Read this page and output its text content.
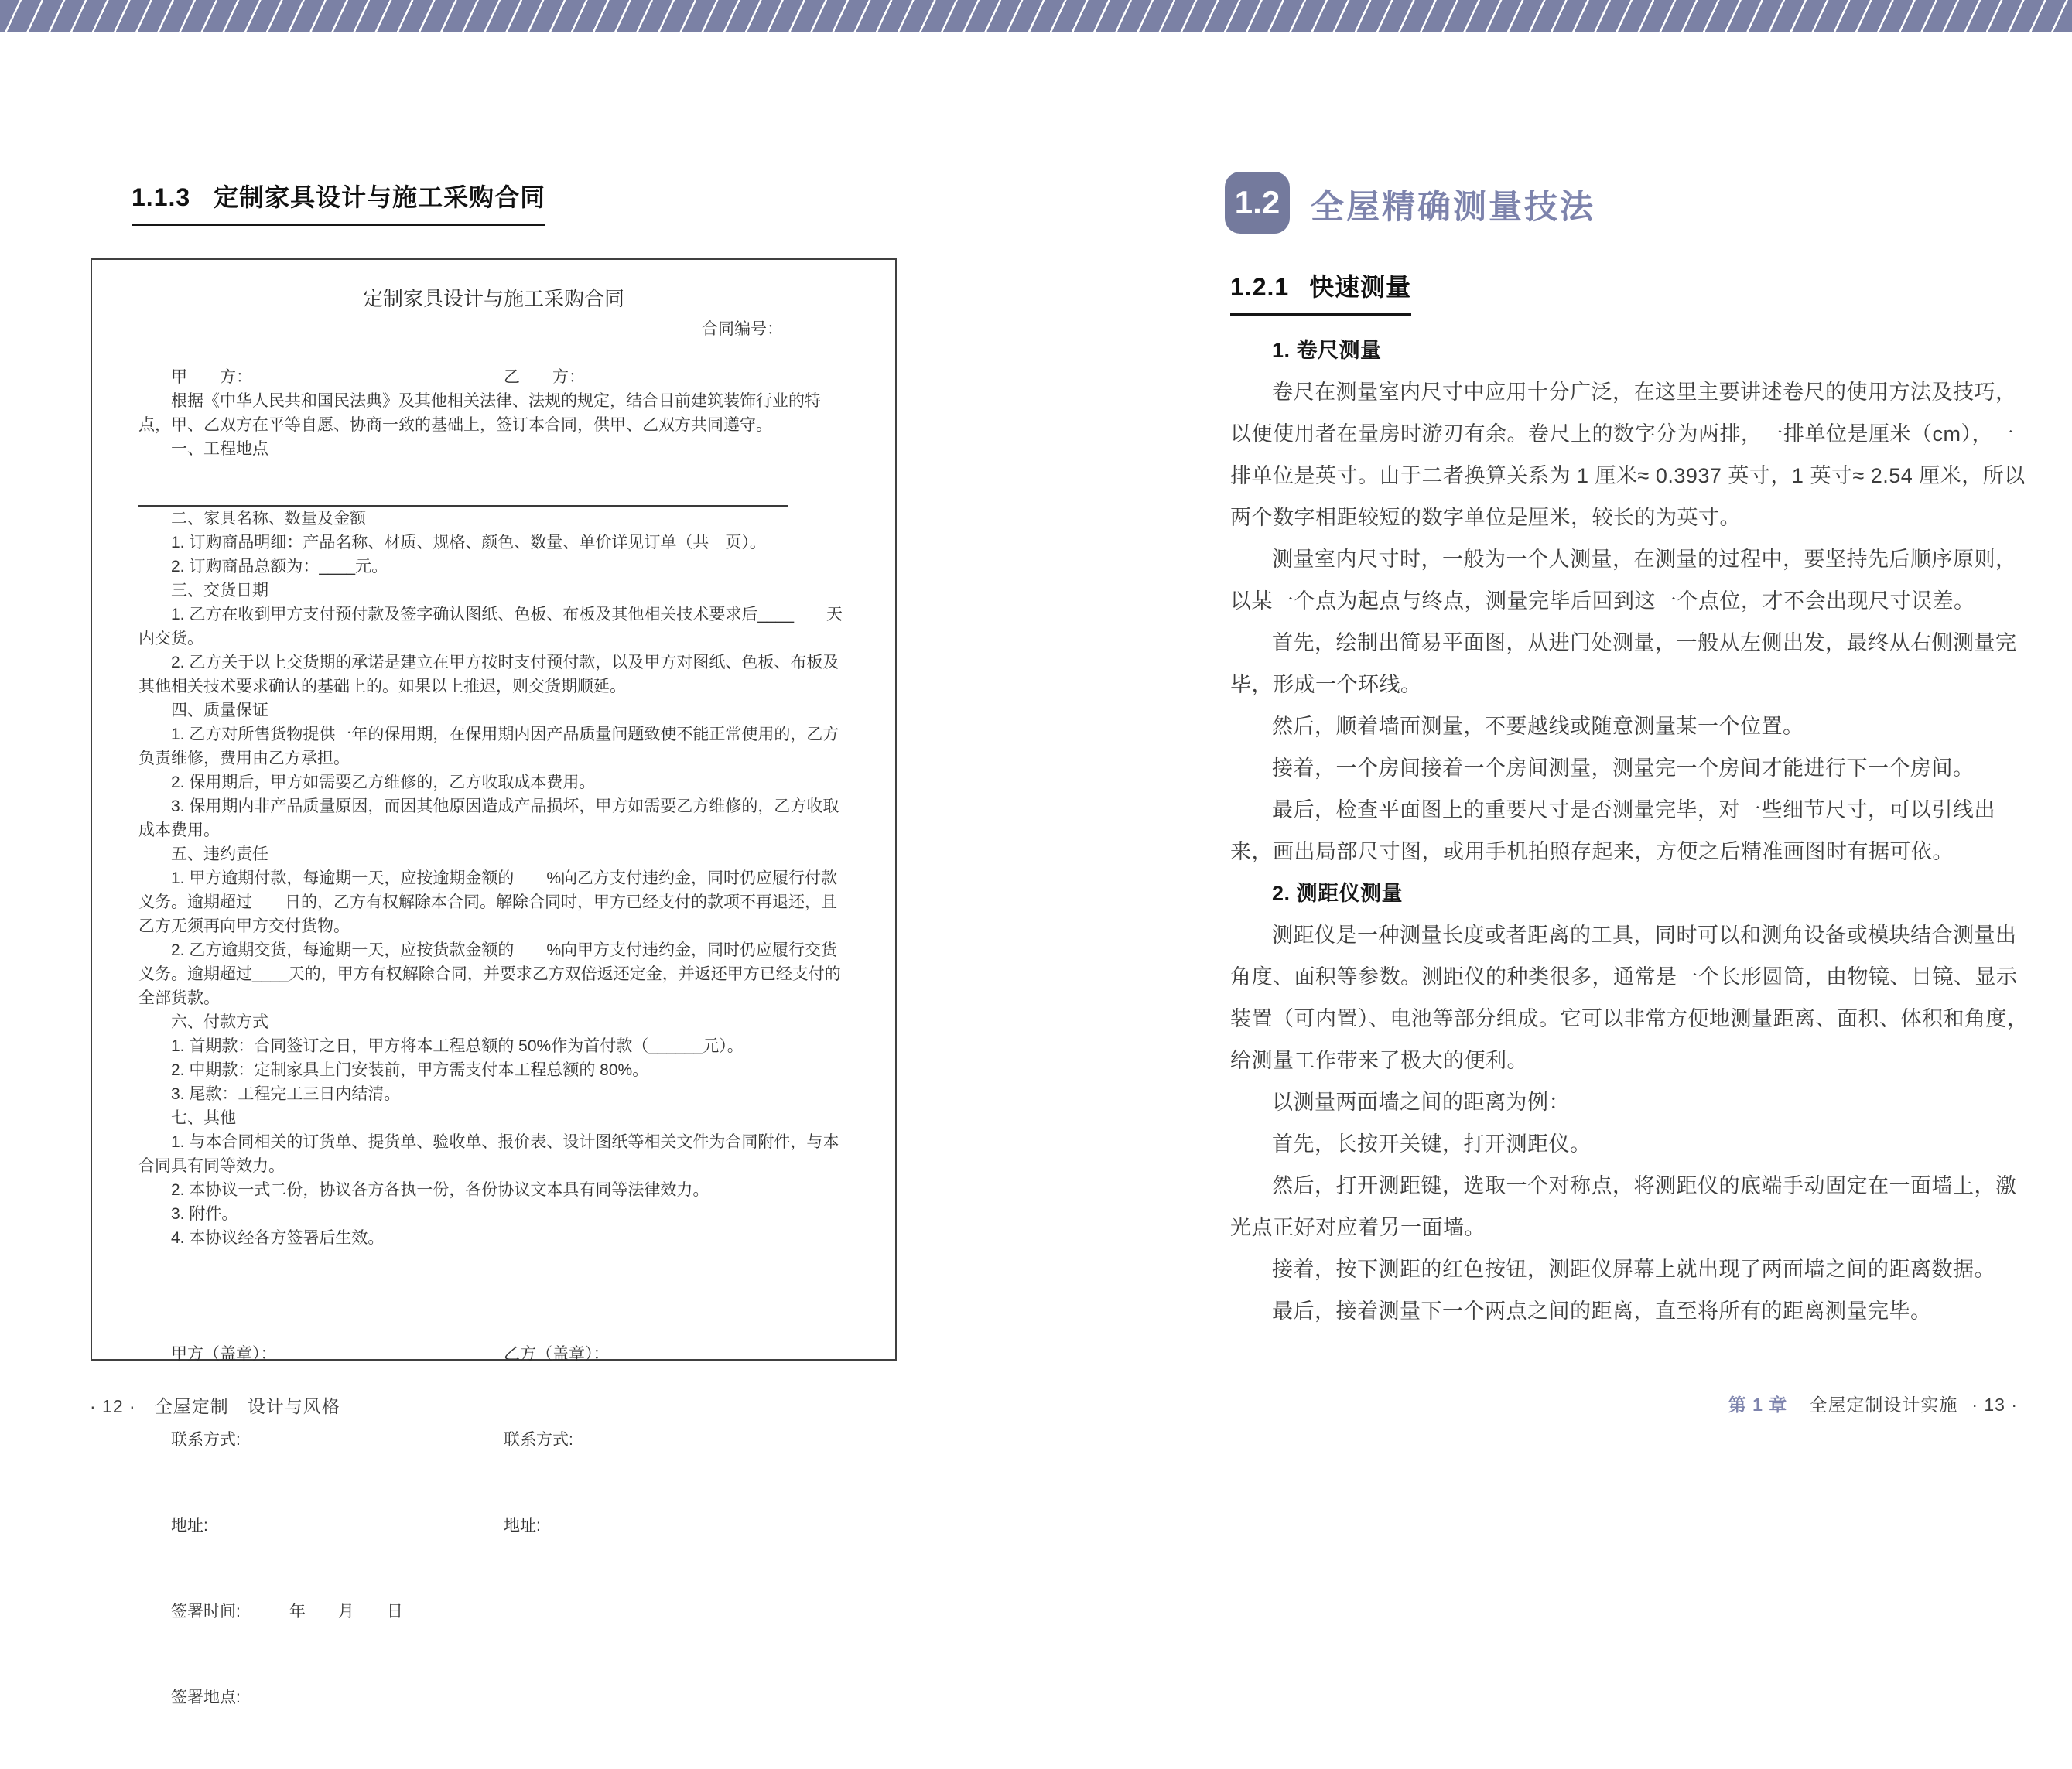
1.1.3 定制家具设计与施工采购合同
定制家具设计与施工采购合同
合同编号：
甲　　方：	乙　　方：

根据《中华人民共和国民法典》及其他相关法律、法规的规定，结合目前建筑装饰行业的特点，甲、乙双方在平等自愿、协商一致的基础上，签订本合同，供甲、乙双方共同遵守。

一、工程地点

二、家具名称、数量及金额

1. 订购商品明细：产品名称、材质、规格、颜色、数量、单价详见订单（共　页）。

2. 订购商品总额为：____元。

三、交货日期

1. 乙方在收到甲方支付预付款及签字确认图纸、色板、布板及其他相关技术要求后____　　天内交货。

2. 乙方关于以上交货期的承诺是建立在甲方按时支付预付款，以及甲方对图纸、色板、布板及其他相关技术要求确认的基础上的。如果以上推迟，则交货期顺延。

四、质量保证

1. 乙方对所售货物提供一年的保用期，在保用期内因产品质量问题致使不能正常使用的，乙方负责维修，费用由乙方承担。

2. 保用期后，甲方如需要乙方维修的，乙方收取成本费用。

3. 保用期内非产品质量原因，而因其他原因造成产品损坏，甲方如需要乙方维修的，乙方收取成本费用。

五、违约责任

1. 甲方逾期付款，每逾期一天，应按逾期金额的　　%向乙方支付违约金，同时仍应履行付款义务。逾期超过　　日的，乙方有权解除本合同。解除合同时，甲方已经支付的款项不再退还，且乙方无须再向甲方交付货物。

2. 乙方逾期交货，每逾期一天，应按货款金额的　　%向甲方支付违约金，同时仍应履行交货义务。逾期超过____天的，甲方有权解除合同，并要求乙方双倍返还定金，并返还甲方已经支付的全部货款。

六、付款方式

1. 首期款：合同签订之日，甲方将本工程总额的 50%作为首付款（______元）。

2. 中期款：定制家具上门安装前，甲方需支付本工程总额的 80%。

3. 尾款：工程完工三日内结清。

七、其他

1. 与本合同相关的订货单、提货单、验收单、报价表、设计图纸等相关文件为合同附件，与本合同具有同等效力。

2. 本协议一式二份，协议各方各执一份，各份协议文本具有同等法律效力。

3. 附件。

4. 本协议经各方签署后生效。

甲方（盖章）：

联系方式:

地址:

签署时间:　　　年　　月　　日

签署地点:

乙方（盖章）：

联系方式:

地址:

· 12 · 全屋定制　设计与风格
1.2 全屋精确测量技法
1.2.1 快速测量

1. 卷尺测量

卷尺在测量室内尺寸中应用十分广泛，在这里主要讲述卷尺的使用方法及技巧，以便使用者在量房时游刃有余。卷尺上的数字分为两排，一排单位是厘米（cm），一排单位是英寸。由于二者换算关系为 1 厘米≈ 0.3937 英寸，1 英寸≈ 2.54 厘米，所以两个数字相距较短的数字单位是厘米，较长的为英寸。

测量室内尺寸时，一般为一个人测量，在测量的过程中，要坚持先后顺序原则，以某一个点为起点与终点，测量完毕后回到这一个点位，才不会出现尺寸误差。

首先，绘制出简易平面图，从进门处测量，一般从左侧出发，最终从右侧测量完毕，形成一个环线。

然后，顺着墙面测量，不要越线或随意测量某一个位置。

接着，一个房间接着一个房间测量，测量完一个房间才能进行下一个房间。

最后，检查平面图上的重要尺寸是否测量完毕，对一些细节尺寸，可以引线出来，画出局部尺寸图，或用手机拍照存起来，方便之后精准画图时有据可依。

2. 测距仪测量

测距仪是一种测量长度或者距离的工具，同时可以和测角设备或模块结合测量出角度、面积等参数。测距仪的种类很多，通常是一个长形圆筒，由物镜、目镜、显示装置（可内置）、电池等部分组成。它可以非常方便地测量距离、面积、体积和角度，给测量工作带来了极大的便利。

以测量两面墙之间的距离为例：

首先，长按开关键，打开测距仪。

然后，打开测距键，选取一个对称点，将测距仪的底端手动固定在一面墙上，激光点正好对应着另一面墙。

接着，按下测距的红色按钮，测距仪屏幕上就出现了两面墙之间的距离数据。

最后，接着测量下一个两点之间的距离，直至将所有的距离测量完毕。

第 1 章 全屋定制设计实施 · 13 ·
